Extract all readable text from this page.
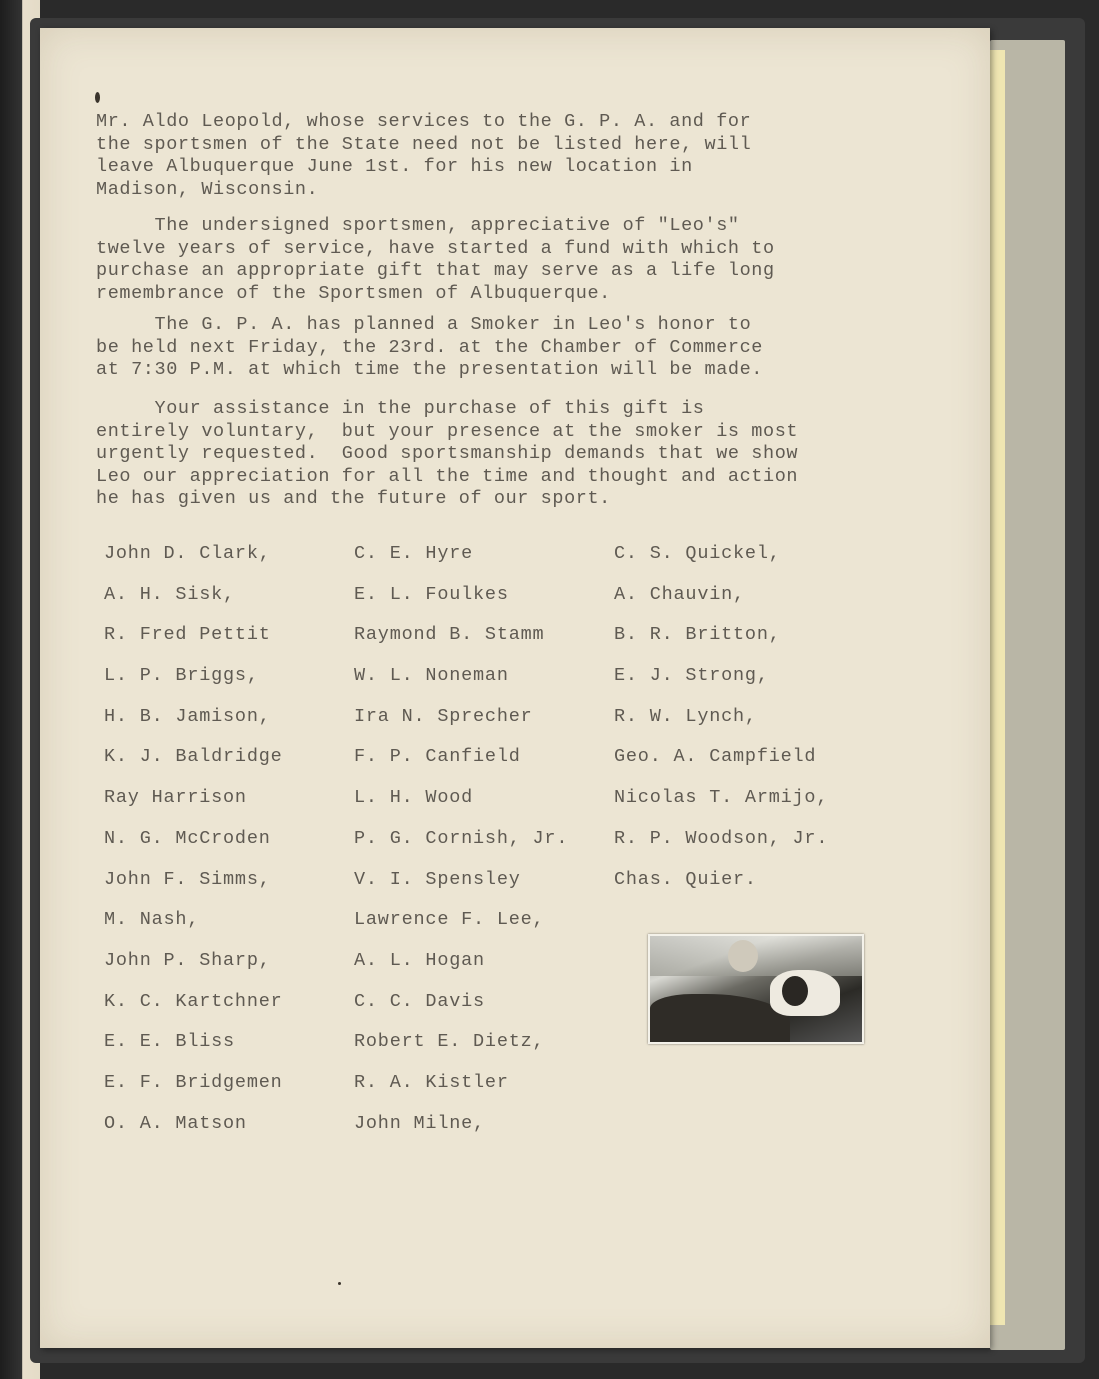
Mr. Aldo Leopold, whose services to the G. P. A. and for
the sportsmen of the State need not be listed here, will
leave Albuquerque June 1st. for his new location in
Madison, Wisconsin.
The undersigned sportsmen, appreciative of "Leo's"
twelve years of service, have started a fund with which to
purchase an appropriate gift that may serve as a life long
remembrance of the Sportsmen of Albuquerque.
The G. P. A. has planned a Smoker in Leo's honor to
be held next Friday, the 23rd. at the Chamber of Commerce
at 7:30 P.M. at which time the presentation will be made.
Your assistance in the purchase of this gift is
entirely voluntary,  but your presence at the smoker is most
urgently requested.  Good sportsmanship demands that we show
Leo our appreciation for all the time and thought and action
he has given us and the future of our sport.
John D. Clark,
A. H. Sisk,
R. Fred Pettit
L. P. Briggs,
H. B. Jamison,
K. J. Baldridge
Ray Harrison
N. G. McCroden
John F. Simms,
M. Nash,
John P. Sharp,
K. C. Kartchner
E. E. Bliss
E. F. Bridgemen
O. A. Matson
C. E. Hyre
E. L. Foulkes
Raymond B. Stamm
W. L. Noneman
Ira N. Sprecher
F. P. Canfield
L. H. Wood
P. G. Cornish, Jr.
V. I. Spensley
Lawrence F. Lee,
A. L. Hogan
C. C. Davis
Robert E. Dietz,
R. A. Kistler
John Milne,
C. S. Quickel,
A. Chauvin,
B. R. Britton,
E. J. Strong,
R. W. Lynch,
Geo. A. Campfield
Nicolas T. Armijo,
R. P. Woodson, Jr.
Chas. Quier.
